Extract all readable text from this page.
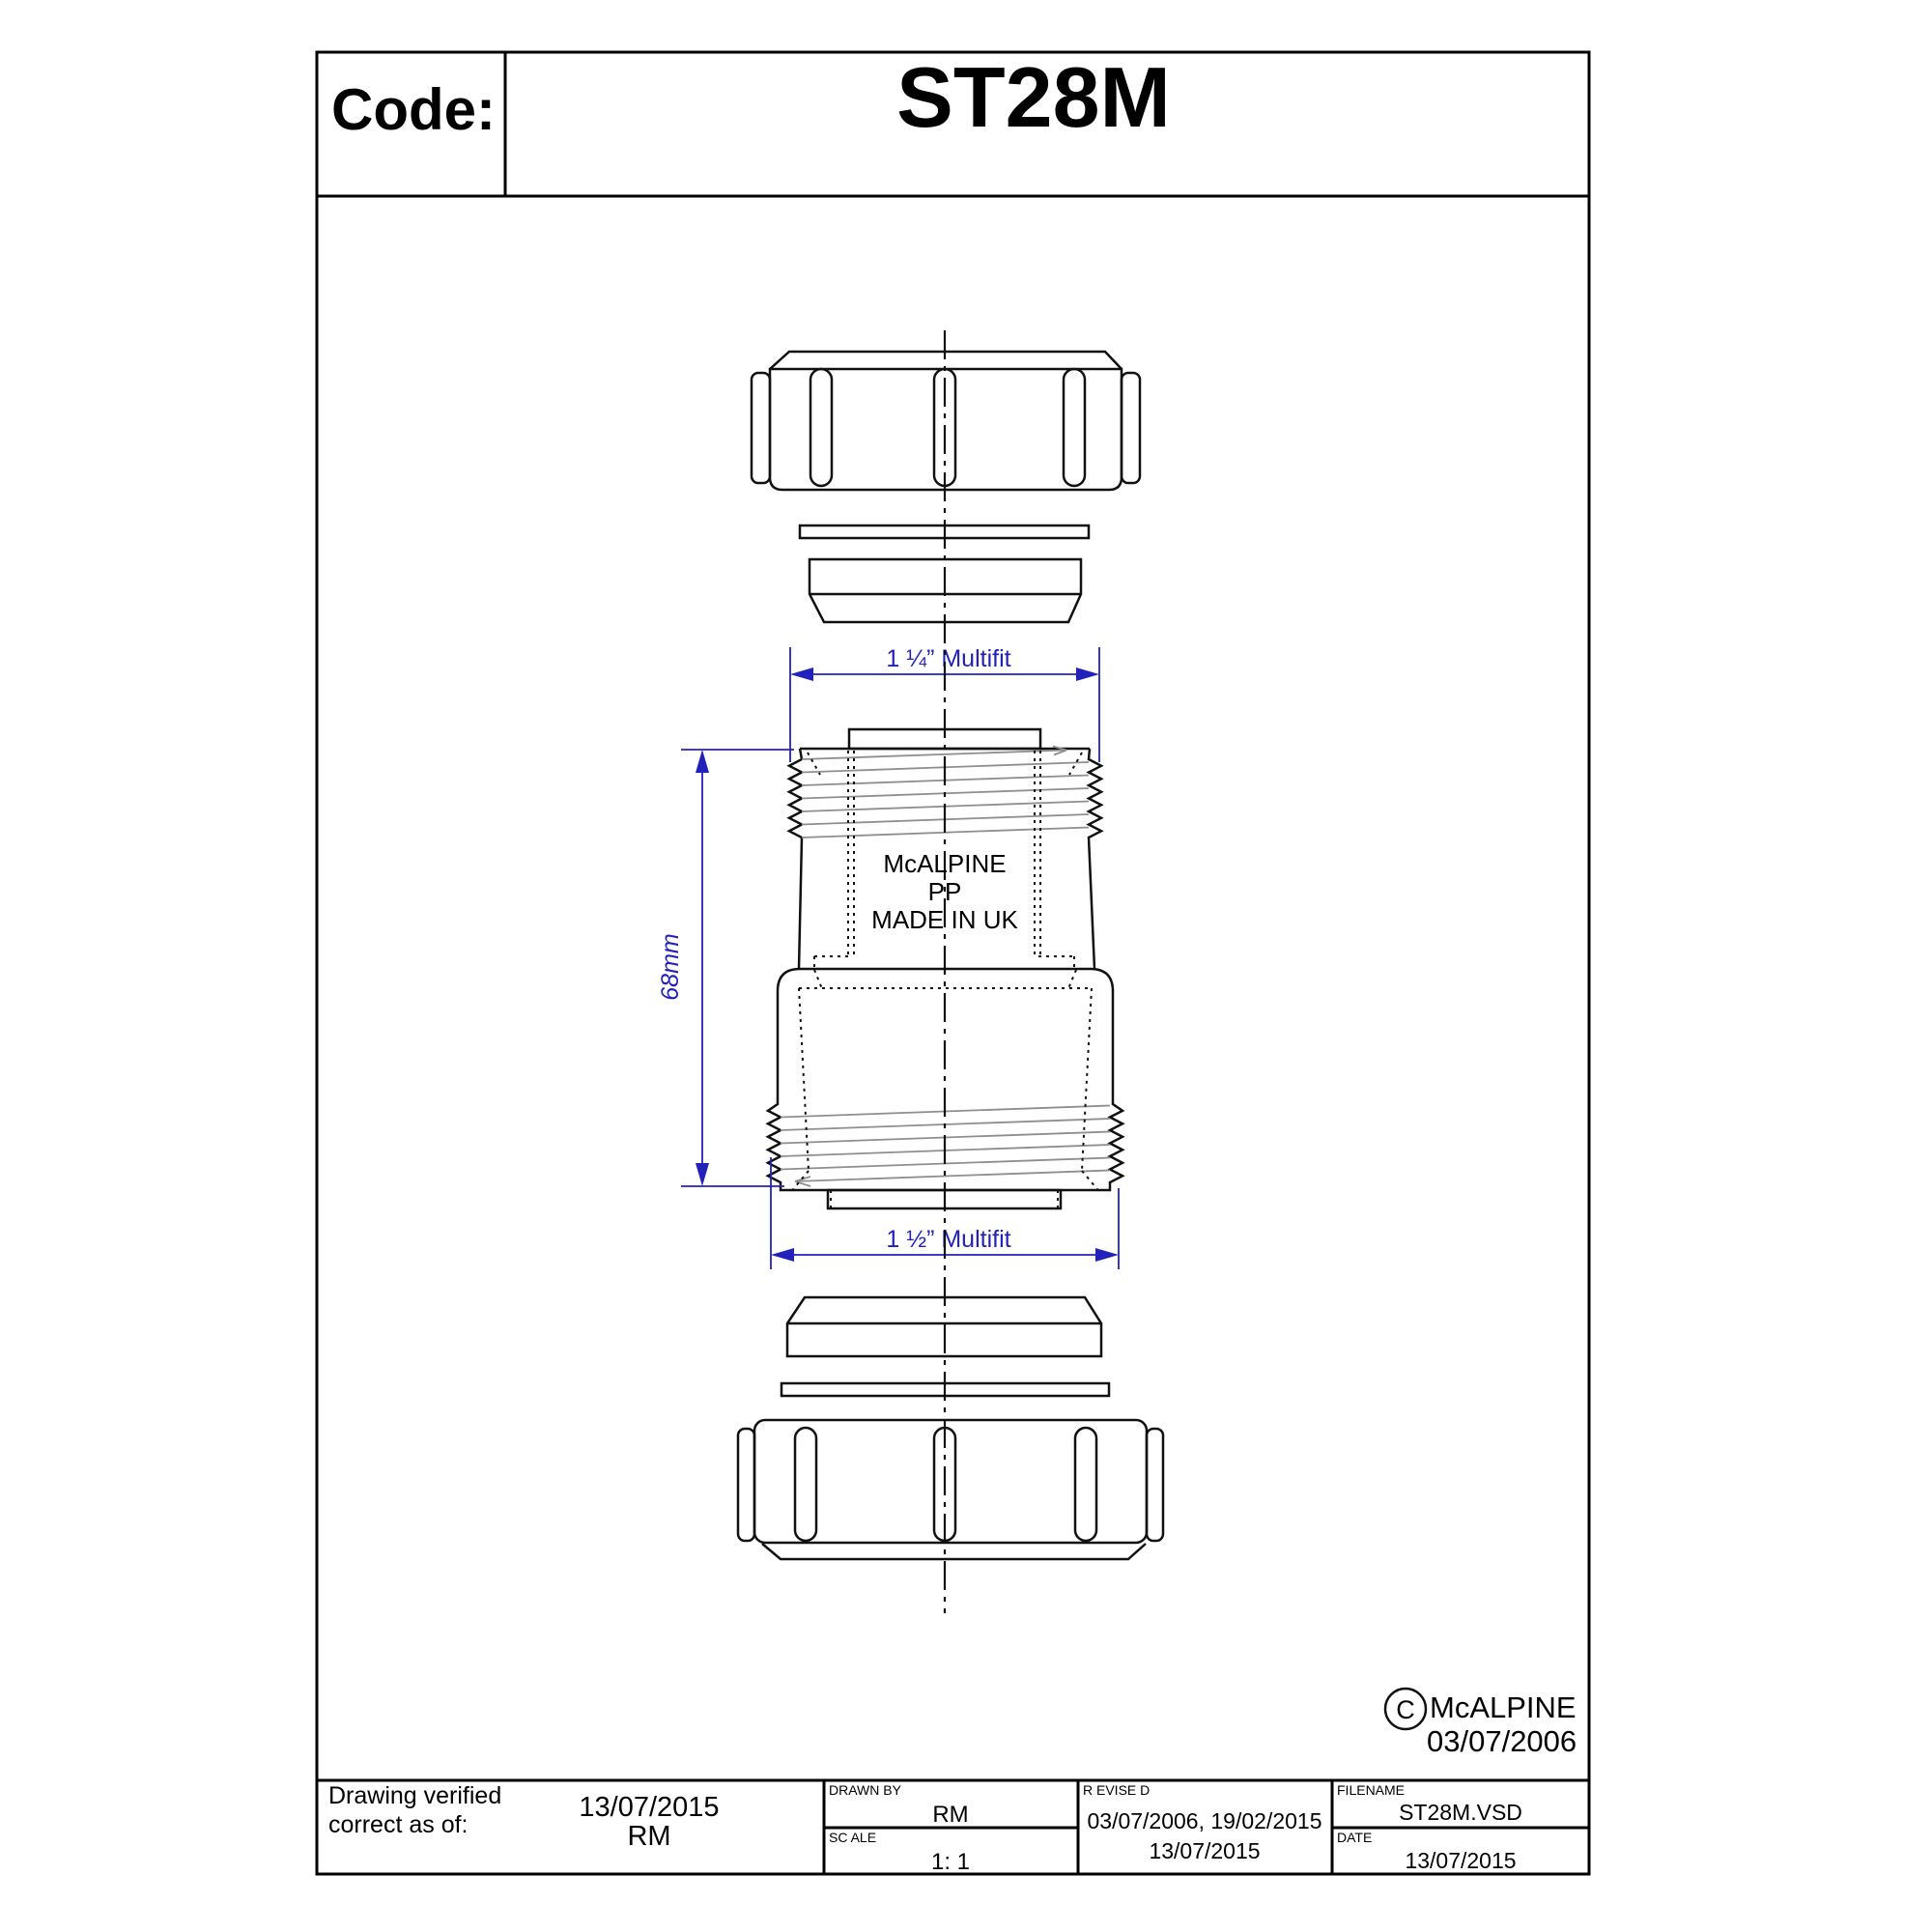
Code:	ST28M
1 ¼” Multifit
68mm
1 ½” Multifit
McALPINE
PP
MADE IN UK
C McALPINE
03/07/2006
Drawing verified
correct as of:
13/07/2015
RM
DRAWN BY
RM
SC ALE
1: 1
R EVISE D
03/07/2006, 19/02/2015
13/07/2015
FILENAME
ST28M.VSD
DATE
13/07/2015
